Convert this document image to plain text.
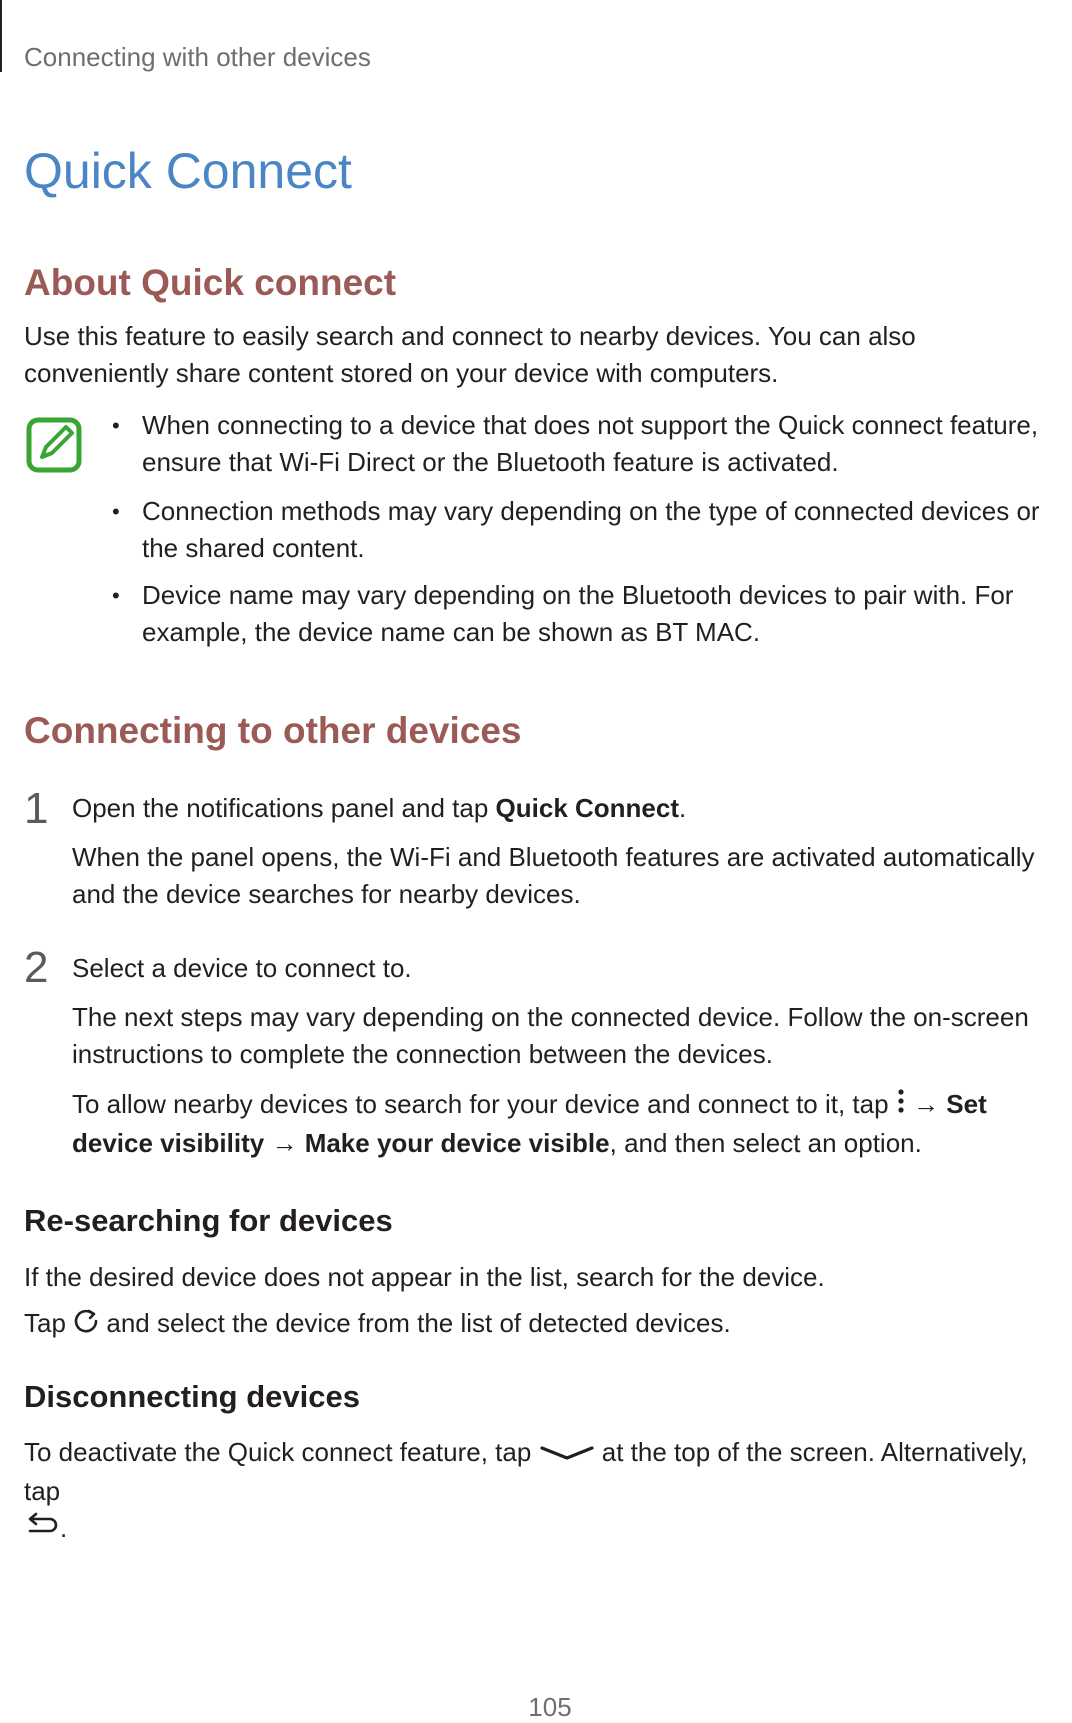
Connecting with other devices
Quick Connect
About Quick connect
Use this feature to easily search and connect to nearby devices. You can also conveniently share content stored on your device with computers.
• When connecting to a device that does not support the Quick connect feature, ensure that Wi-Fi Direct or the Bluetooth feature is activated.
• Connection methods may vary depending on the type of connected devices or the shared content.
• Device name may vary depending on the Bluetooth devices to pair with. For example, the device name can be shown as BT MAC.
Connecting to other devices
1 Open the notifications panel and tap Quick Connect.
When the panel opens, the Wi-Fi and Bluetooth features are activated automatically and the device searches for nearby devices.
2 Select a device to connect to.
The next steps may vary depending on the connected device. Follow the on-screen instructions to complete the connection between the devices.
To allow nearby devices to search for your device and connect to it, tap  → Set device visibility → Make your device visible, and then select an option.
Re-searching for devices
If the desired device does not appear in the list, search for the device.
Tap  and select the device from the list of detected devices.
Disconnecting devices
To deactivate the Quick connect feature, tap  at the top of the screen. Alternatively, tap
.
105
